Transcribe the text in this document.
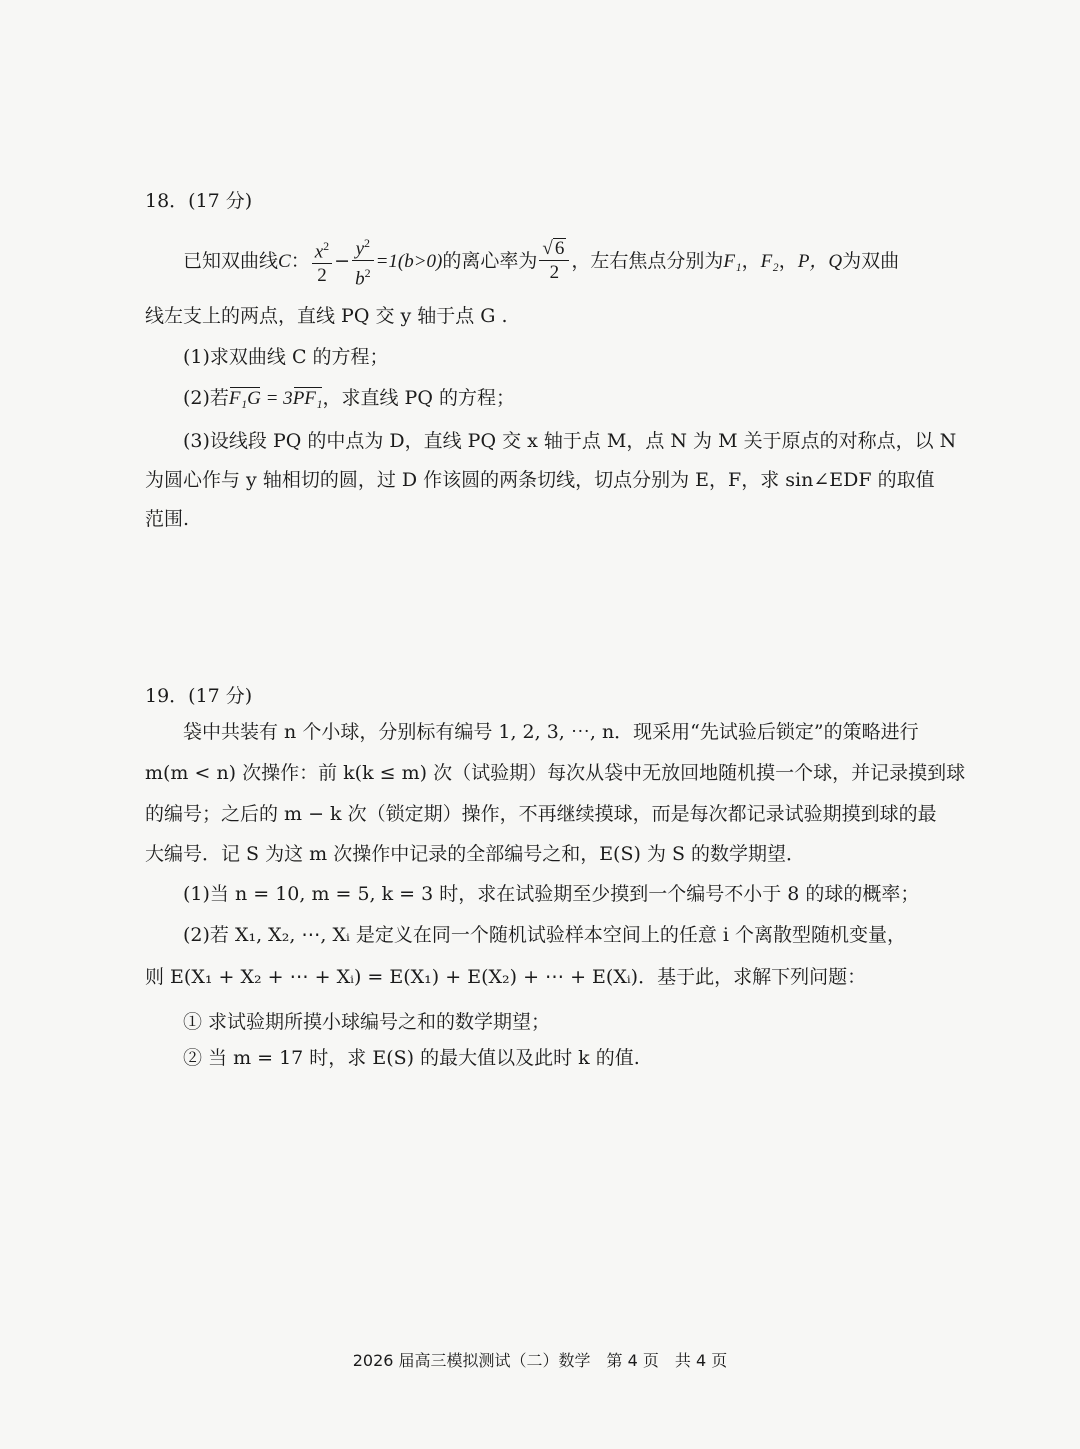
18．(17 分)
已知双曲线C： $\frac{x^2}{2} - \frac{y^2}{b^2} =1(b>0)$的离心率为 $\frac{√ 6}{2}$ ，左右焦点分别为F₁，F₂，P，Q为双曲
线左支上的两点，直线 PQ 交 y 轴于点 G .
(1)求双曲线 C 的方程；
(2)若F₁G = 3PF₁，求直线 PQ 的方程；
(3)设线段 PQ 的中点为 D，直线 PQ 交 x 轴于点 M，点 N 为 M 关于原点的对称点，以 N
为圆心作与 y 轴相切的圆，过 D 作该圆的两条切线，切点分别为 E，F，求 sin∠EDF 的取值
范围.
19．(17 分)
袋中共装有 n 个小球，分别标有编号 1, 2, 3, ⋯, n．现采用“先试验后锁定”的策略进行
m(m < n) 次操作：前 k(k ≤ m) 次（试验期）每次从袋中无放回地随机摸一个球，并记录摸到球
的编号；之后的 m − k 次（锁定期）操作，不再继续摸球，而是每次都记录试验期摸到球的最
大编号．记 S 为这 m 次操作中记录的全部编号之和，E(S) 为 S 的数学期望．
(1)当 n = 10, m = 5, k = 3 时，求在试验期至少摸到一个编号不小于 8 的球的概率；
(2)若 X₁, X₂, ⋯, Xᵢ 是定义在同一个随机试验样本空间上的任意 i 个离散型随机变量，
则 E(X₁ + X₂ + ⋯ + Xᵢ) = E(X₁) + E(X₂) + ⋯ + E(Xᵢ)．基于此，求解下列问题：
① 求试验期所摸小球编号之和的数学期望；
② 当 m = 17 时，求 E(S) 的最大值以及此时 k 的值.
2026 届高三模拟测试（二）数学　第 4 页　共 4 页
